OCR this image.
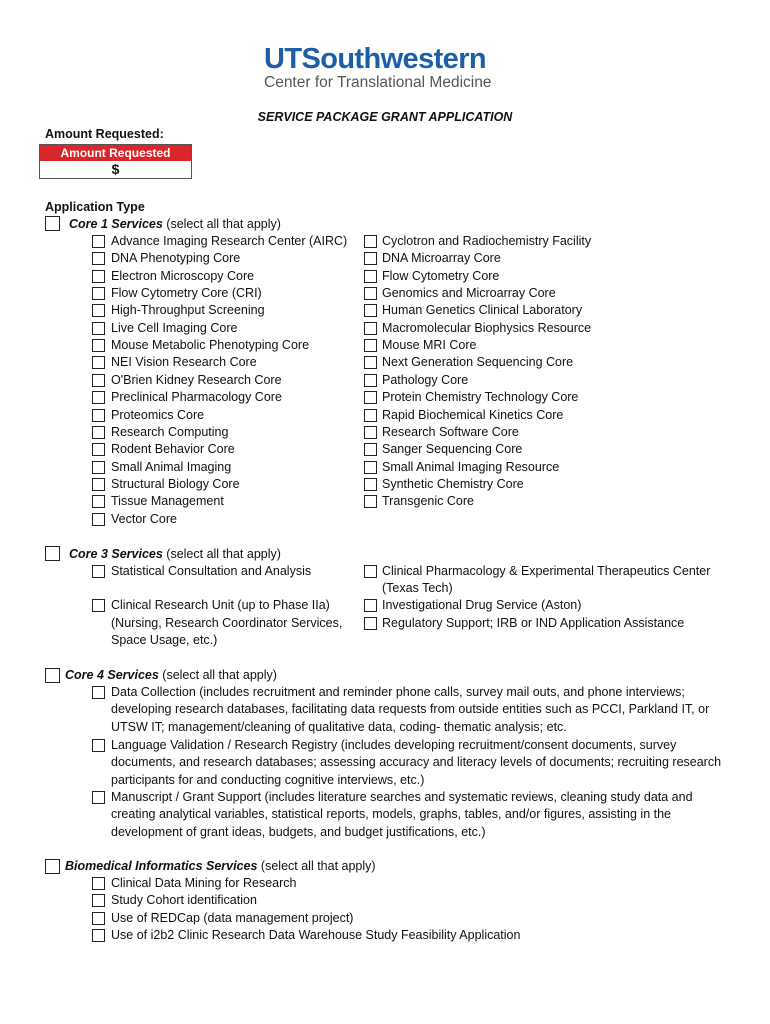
UTSouthwestern
Center for Translational Medicine
SERVICE PACKAGE GRANT APPLICATION
Amount Requested:
Amount Requested
$
Application Type
Core 1 Services (select all that apply)
Core 3 Services (select all that apply)
Statistical Consultation and Analysis	Clinical Pharmacology & Experimental Therapeutics Center
(Texas Tech)
Clinical Research Unit (up to Phase IIa)
(Nursing, Research Coordinator Services,
Space Usage, etc.)
Investigational Drug Service (Aston)
Regulatory Support; IRB or IND Application Assistance
Core 4 Services (select all that apply)
Biomedical Informatics Services (select all that apply)
Advance Imaging Research Center (AIRC)
DNA Phenotyping Core
Electron Microscopy Core
Flow Cytometry Core (CRI)
High-Throughput Screening
Live Cell Imaging Core
Mouse Metabolic Phenotyping Core
NEI Vision Research Core
O'Brien Kidney Research Core
Preclinical Pharmacology Core
Proteomics Core
Research Computing
Rodent Behavior Core
Small Animal Imaging
Structural Biology Core
Tissue Management
Vector Core
Cyclotron and Radiochemistry Facility
DNA Microarray Core
Flow Cytometry Core
Genomics and Microarray Core
Human Genetics Clinical Laboratory
Macromolecular Biophysics Resource
Mouse MRI Core
Next Generation Sequencing Core
Pathology Core
Protein Chemistry Technology Core
Rapid Biochemical Kinetics Core
Research Software Core
Sanger Sequencing Core
Small Animal Imaging Resource
Synthetic Chemistry Core
Transgenic Core
Data Collection (includes recruitment and reminder phone calls, survey mail outs, and phone interviews;
developing research databases, facilitating data requests from outside entities such as PCCI, Parkland IT, or
UTSW IT; management/cleaning of qualitative data, coding- thematic analysis; etc.
Language Validation / Research Registry (includes developing recruitment/consent documents, survey
documents, and research databases; assessing accuracy and literacy levels of documents; recruiting research
participants for and conducting cognitive interviews, etc.)
Manuscript / Grant Support (includes literature searches and systematic reviews, cleaning study data and
creating analytical variables, statistical reports, models, graphs, tables, and/or figures, assisting in the
development of grant ideas, budgets, and budget justifications, etc.)
Clinical Data Mining for Research
Study Cohort identification
Use of REDCap (data management project)
Use of i2b2 Clinic Research Data Warehouse Study Feasibility Application
